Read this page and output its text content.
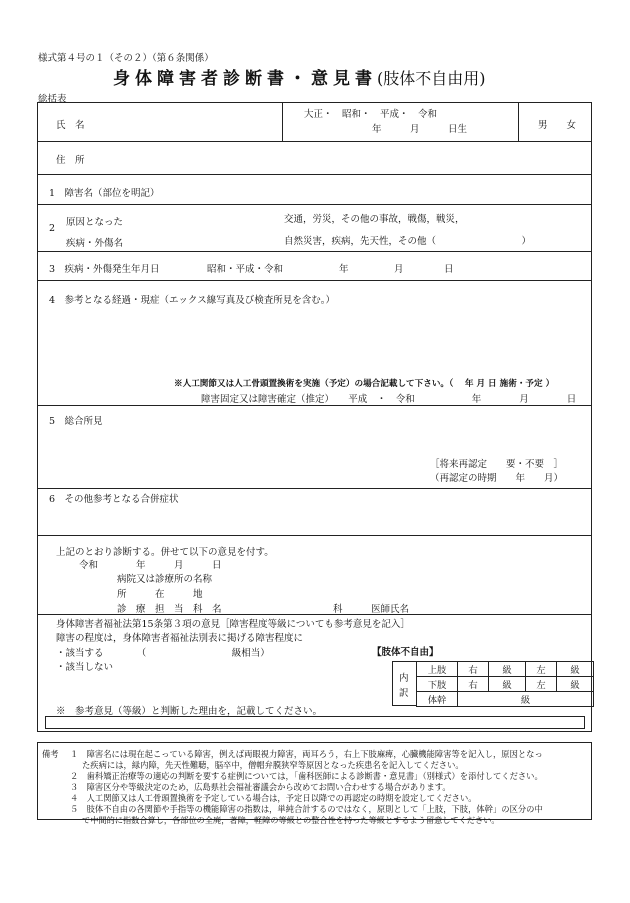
様式第４号の１（その２）（第６条関係）
身体障害者診断書・意見書(肢体不自由用)
総括表
氏　名
大正・　昭和・　平成・　令和
年　　　月　　　日生	男　　女
住　所
1　障害名（部位を明記）
2
原因となった
疾病・外傷名
交通，労災，その他の事故，戦傷，戦災，
自然災害，疾病，先天性，その他（　　　　　　　　　）
3　疾病・外傷発生年月日	昭和・平成・令和	年	月	日
4　参考となる経過・現症（エックス線写真及び検査所見を含む。）
※人工関節又は人工骨頭置換術を実施（予定）の場合記載して下さい。（　 年 月 日 施術・予定 ）
障害固定又は障害確定（推定）　　平成　・　令和　　　　　　年　　　　月　　　　日
5　総合所見
［将来再認定　　要・不要　］
（再認定の時期　　年　　月）
6　その他参考となる合併症状
上記のとおり診断する。併せて以下の意見を付す。
令和　　　　年　　　月　　　日
病院又は診療所の名称
所　　　在　　　地
診　療　担　当　科　名	科　　　医師氏名
身体障害者福祉法第15条第３項の意見［障害程度等級についても参考意見を記入］
障害の程度は，身体障害者福祉法別表に掲げる障害程度に
・該当する　　　　（　　　　　　　　　級相当）
・該当しない
【肢体不自由】
内
訳
上肢	右	級	左	級
下肢	右	級	左	級
体幹	級			
※　参考意見（等級）と判断した理由を，記載してください。
備考 １　障害名には現在起こっている障害，例えば両眼視力障害，両耳ろう，右上下肢麻痺，心臓機能障害等を記入し，原因となっ
た疾病には，緑内障，先天性難聴，脳卒中，僧帽弁膜狭窄等原因となった疾患名を記入してください。
２　歯科矯正治療等の適応の判断を要する症例については，「歯科医師による診断書・意見書」（別様式）を添付してください。
３　障害区分や等級決定のため，広島県社会福祉審議会から改めてお問い合わせする場合があります。
４　人工関節又は人工骨頭置換術を予定している場合は，予定日以降での再認定の時期を設定してください。
５　肢体不自由の各関節や手指等の機能障害の指数は，単純合計するのではなく，原則として「上肢，下肢，体幹」の区分の中
で中間的に指数合算し，各部位の全廃，著障，軽障の等級との整合性を持った等級とするよう留意してください。
